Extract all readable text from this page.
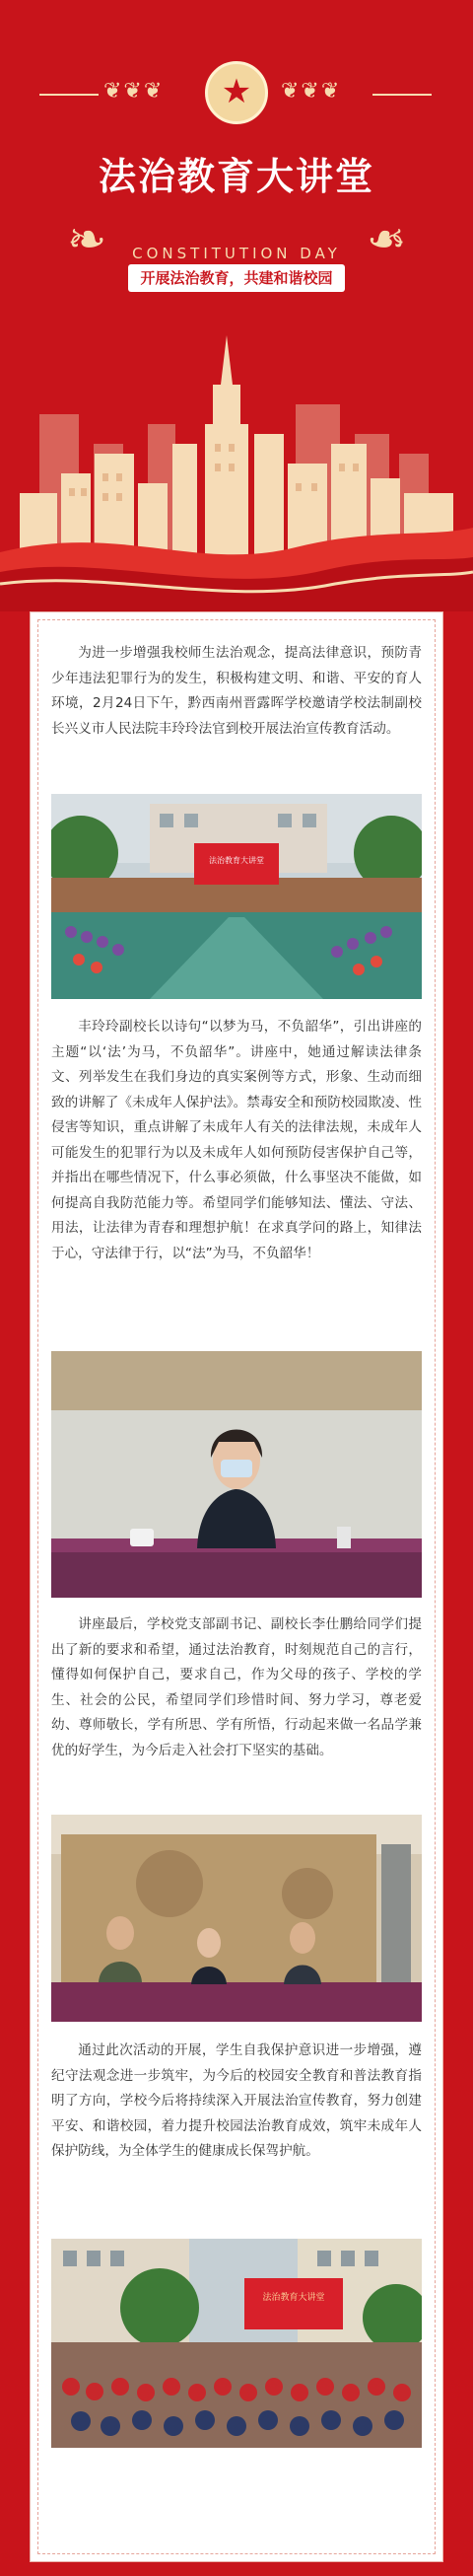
❦❦❦	★	❦❦❦
法治教育大讲堂
❧	❧
CONSTITUTION DAY
开展法治教育，共建和谐校园

为进一步增强我校师生法治观念，提高法律意识，预防青少年违法犯罪行为的发生，积极构建文明、和谐、平安的育人环境，2月24日下午，黔西南州晋露晖学校邀请学校法制副校长兴义市人民法院丰玲玲法官到校开展法治宣传教育活动。

法治教育大讲堂

丰玲玲副校长以诗句“以梦为马，不负韶华”，引出讲座的主题“以‘法’为马，不负韶华”。讲座中，她通过解读法律条文、列举发生在我们身边的真实案例等方式，形象、生动而细致的讲解了《未成年人保护法》。禁毒安全和预防校园欺凌、性侵害等知识，重点讲解了未成年人有关的法律法规，未成年人可能发生的犯罪行为以及未成年人如何预防侵害保护自己等，并指出在哪些情况下，什么事必须做，什么事坚决不能做，如何提高自我防范能力等。希望同学们能够知法、懂法、守法、用法，让法律为青春和理想护航！在求真学问的路上，知律法于心，守法律于行，以“法”为马，不负韶华！

讲座最后，学校党支部副书记、副校长李仕鹏给同学们提出了新的要求和希望，通过法治教育，时刻规范自己的言行，懂得如何保护自己，要求自己，作为父母的孩子、学校的学生、社会的公民，希望同学们珍惜时间、努力学习，尊老爱幼、尊师敬长，学有所思、学有所悟，行动起来做一名品学兼优的好学生，为今后走入社会打下坚实的基础。

通过此次活动的开展，学生自我保护意识进一步增强，遵纪守法观念进一步筑牢，为今后的校园安全教育和普法教育指明了方向，学校今后将持续深入开展法治宣传教育，努力创建平安、和谐校园，着力提升校园法治教育成效，筑牢未成年人保护防线，为全体学生的健康成长保驾护航。

法治教育大讲堂
